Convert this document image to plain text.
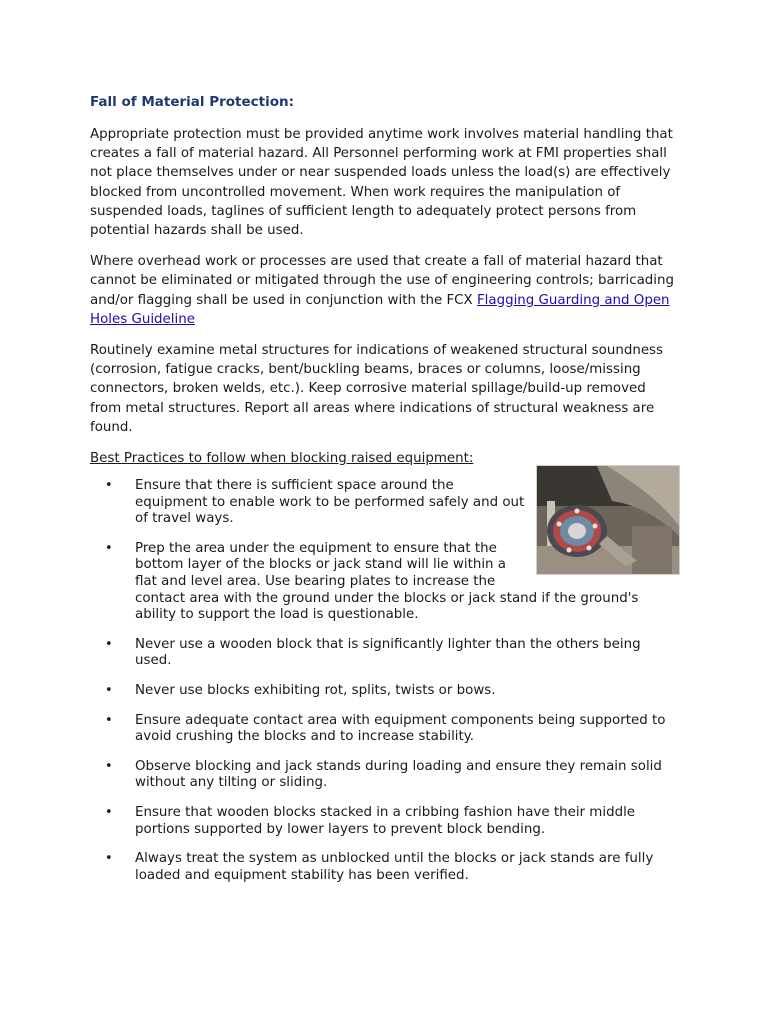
Fall of Material Protection:

Appropriate protection must be provided anytime work involves material handling that creates a fall of material hazard. All Personnel performing work at FMI properties shall not place themselves under or near suspended loads unless the load(s) are effectively blocked from uncontrolled movement. When work requires the manipulation of suspended loads, taglines of sufficient length to adequately protect persons from potential hazards shall be used.

Where overhead work or processes are used that create a fall of material hazard that cannot be eliminated or mitigated through the use of engineering controls; barricading and/or flagging shall be used in conjunction with the FCX Flagging Guarding and Open Holes Guideline

Routinely examine metal structures for indications of weakened structural soundness (corrosion, fatigue cracks, bent/buckling beams, braces or columns, loose/missing connectors, broken welds, etc.). Keep corrosive material spillage/build-up removed from metal structures. Report all areas where indications of structural weakness are found.

Best Practices to follow when blocking raised equipment:
• Ensure that there is sufficient space around the equipment to enable work to be performed safely and out of travel ways.
• Prep the area under the equipment to ensure that the bottom layer of the blocks or jack stand will lie within a flat and level area. Use bearing plates to increase the contact area with the ground under the blocks or jack stand if the ground's ability to support the load is questionable.
• Never use a wooden block that is significantly lighter than the others being used.
• Never use blocks exhibiting rot, splits, twists or bows.
• Ensure adequate contact area with equipment components being supported to avoid crushing the blocks and to increase stability.
• Observe blocking and jack stands during loading and ensure they remain solid without any tilting or sliding.
• Ensure that wooden blocks stacked in a cribbing fashion have their middle portions supported by lower layers to prevent block bending.
• Always treat the system as unblocked until the blocks or jack stands are fully loaded and equipment stability has been verified.
